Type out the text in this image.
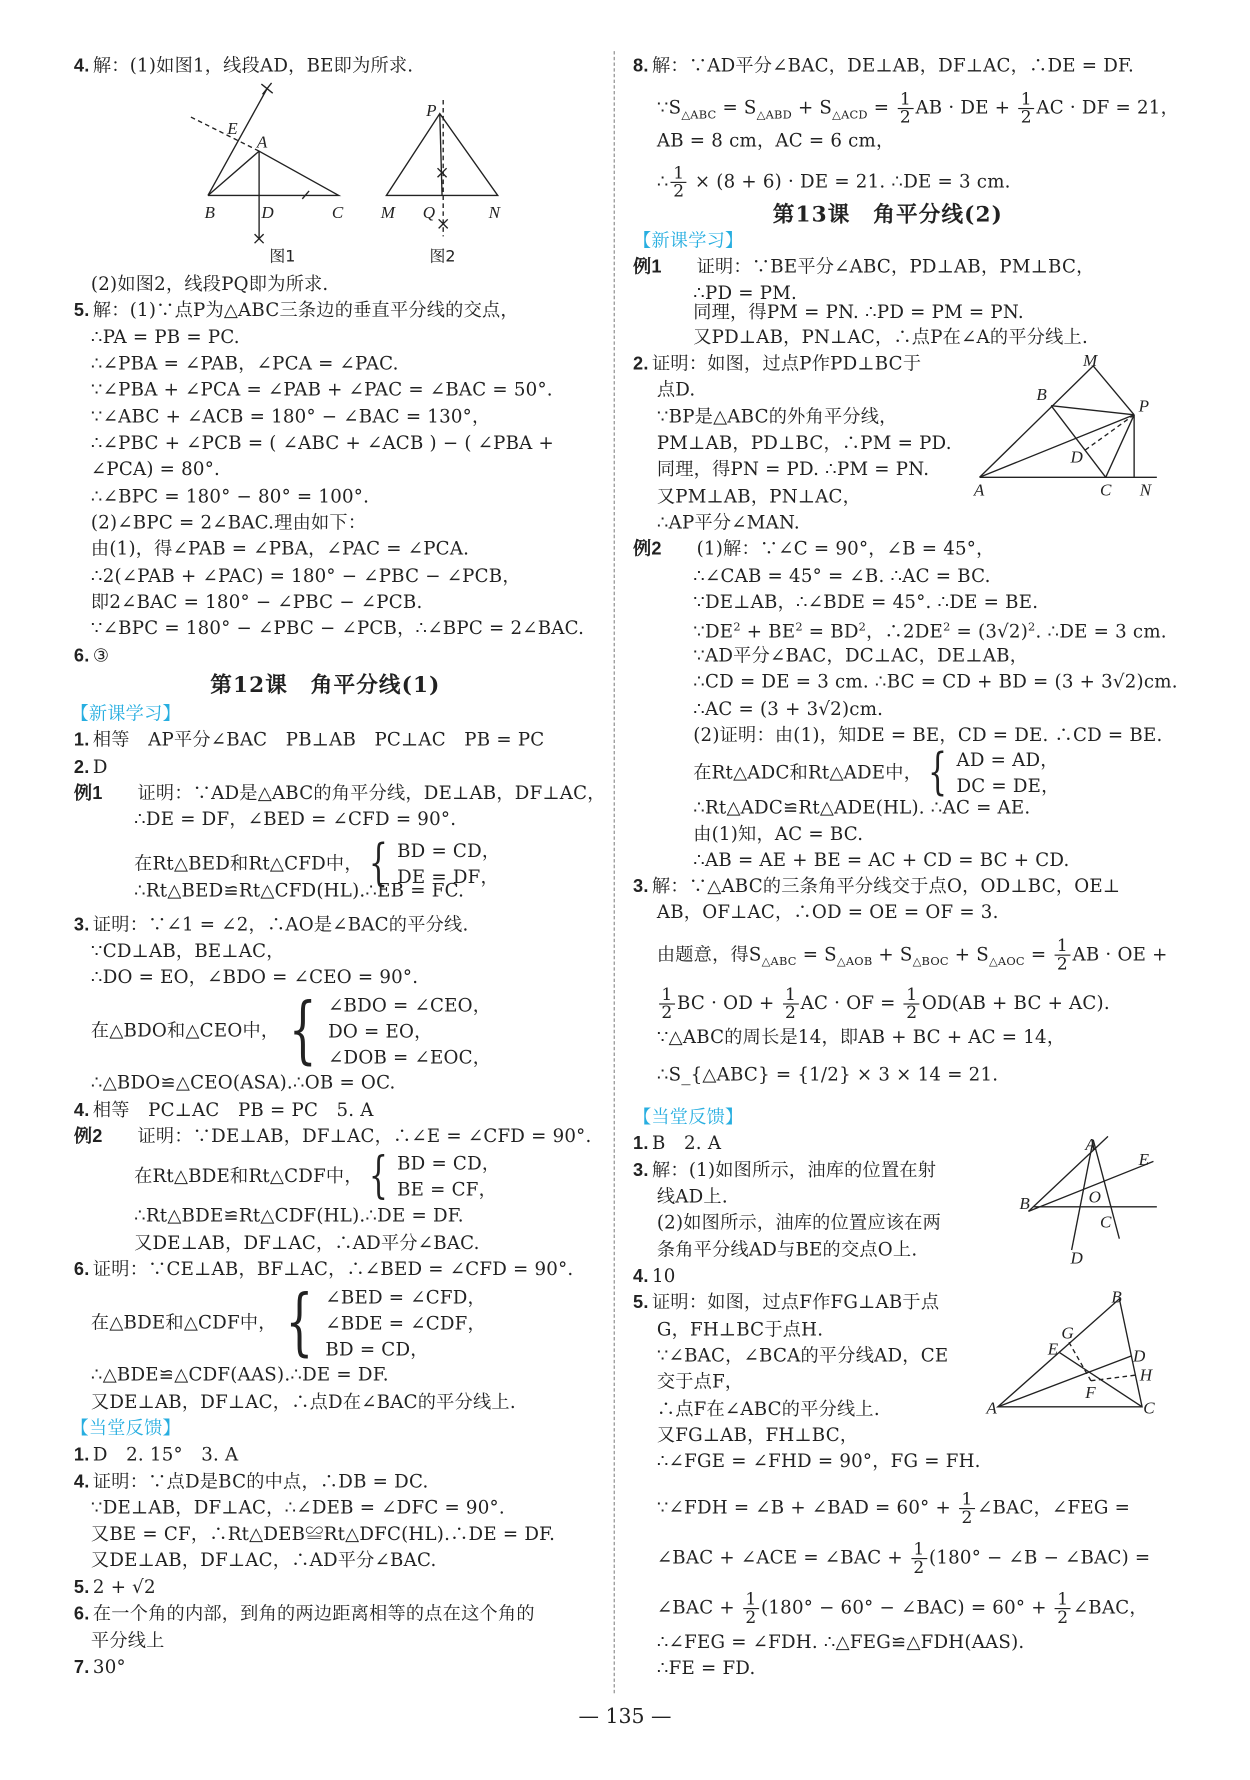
4. 解：(1)如图1，线段AD，BE即为所求.
(2)如图2，线段PQ即为所求.
5. 解：(1)∵点P为△ABC三条边的垂直平分线的交点，
∴PA = PB = PC.
∴∠PBA = ∠PAB，∠PCA = ∠PAC.
∵∠PBA + ∠PCA = ∠PAB + ∠PAC = ∠BAC = 50°.
∵∠ABC + ∠ACB = 180° − ∠BAC = 130°，
∴∠PBC + ∠PCB = ( ∠ABC + ∠ACB ) − ( ∠PBA +
∠PCA) = 80°.
∴∠BPC = 180° − 80° = 100°.
(2)∠BPC = 2∠BAC.理由如下：
由(1)，得∠PAB = ∠PBA，∠PAC = ∠PCA.
∴2(∠PAB + ∠PAC) = 180° − ∠PBC − ∠PCB，
即2∠BAC = 180° − ∠PBC − ∠PCB.
∵∠BPC = 180° − ∠PBC − ∠PCB，∴∠BPC = 2∠BAC.
6. ③
第12课　角平分线(1)
【新课学习】
1. 相等　AP平分∠BAC　PB⊥AB　PC⊥AC　PB = PC
2. D
例1 证明：∵AD是△ABC的角平分线，DE⊥AB，DF⊥AC，
∴DE = DF，∠BED = ∠CFD = 90°.
在Rt△BED和Rt△CFD中， { BD = CD，
DE = DF，
∴Rt△BED≌Rt△CFD(HL).∴EB = FC.
3. 证明：∵∠1 = ∠2，∴AO是∠BAC的平分线.
∵CD⊥AB，BE⊥AC，
∴DO = EO，∠BDO = ∠CEO = 90°.
在△BDO和△CEO中， { ∠BDO = ∠CEO，
DO = EO，
∠DOB = ∠EOC，
∴△BDO≌△CEO(ASA).∴OB = OC.
4. 相等　PC⊥AC　PB = PC　5. A
例2 证明：∵DE⊥AB，DF⊥AC，∴∠E = ∠CFD = 90°.
在Rt△BDE和Rt△CDF中， { BD = CD，
BE = CF，
∴Rt△BDE≌Rt△CDF(HL).∴DE = DF.
又DE⊥AB，DF⊥AC，∴AD平分∠BAC.
6. 证明：∵CE⊥AB，BF⊥AC，∴∠BED = ∠CFD = 90°.
在△BDE和△CDF中， { ∠BED = ∠CFD，
∠BDE = ∠CDF，
BD = CD，
∴△BDE≌△CDF(AAS).∴DE = DF.
又DE⊥AB，DF⊥AC，∴点D在∠BAC的平分线上.
【当堂反馈】
1. D　2. 15°　3. A
4. 证明：∵点D是BC的中点，∴DB = DC.
∵DE⊥AB，DF⊥AC，∴∠DEB = ∠DFC = 90°.
又BE = CF，∴Rt△DEB≌Rt△DFC(HL).∴DE = DF.
又DE⊥AB，DF⊥AC，∴AD平分∠BAC.
5. 2 + √2
6. 在一个角的内部，到角的两边距离相等的点在这个角的
平分线上
7. 30°
8. 解：∵AD平分∠BAC，DE⊥AB，DF⊥AC，∴DE = DF.
$\because S_{\triangle ABC} = S_{\triangle ABD} + S_{\triangle ACD} = \frac{1}{2}$ AB · DE + $\frac{1}{2}$ AC · DF = 21，
AB = 8 cm，AC = 6 cm，
∴ $\frac{1}{2} \times (8 + 6)$ · DE = 21. ∴DE = 3 cm.
第13课　角平分线(2)
【新课学习】
例1 证明：∵BE平分∠ABC，PD⊥AB，PM⊥BC，
∴PD = PM.
同理，得PM = PN. ∴PD = PM = PN.
又PD⊥AB，PN⊥AC，∴点P在∠A的平分线上.
2. 证明：如图，过点P作PD⊥BC于
点D.
∵BP是△ABC的外角平分线，
PM⊥AB，PD⊥BC，∴PM = PD.
同理，得PN = PD. ∴PM = PN.
又PM⊥AB，PN⊥AC，
∴AP平分∠MAN.
例2 (1)解：∵∠C = 90°，∠B = 45°，
∴∠CAB = 45° = ∠B. ∴AC = BC.
∵DE⊥AB，∴∠BDE = 45°. ∴DE = BE.
$\because DE^2 + BE^2 = BD^2$，$\therefore 2DE^2 = (3√2)^2$. ∴DE = 3 cm.
∵AD平分∠BAC，DC⊥AC，DE⊥AB，
∴CD = DE = 3 cm. ∴BC = CD + BD = (3 + 3√2)cm.
∴AC = (3 + 3√2)cm.
(2)证明：由(1)，知DE = BE，CD = DE. ∴CD = BE.
在Rt△ADC和Rt△ADE中， { AD = AD，
DC = DE，
∴Rt△ADC≌Rt△ADE(HL). ∴AC = AE.
由(1)知，AC = BC.
∴AB = AE + BE = AC + CD = BC + CD.
3. 解：∵△ABC的三条角平分线交于点O，OD⊥BC，OE⊥
AB，OF⊥AC，∴OD = OE = OF = 3.
由题意，得$S_{\triangle ABC} = S_{\triangle AOB} + S_{\triangle BOC} + S_{\triangle AOC} = \frac{1}{2}$ AB · OE +
$\frac{1}{2}$ BC · OD + $\frac{1}{2}$ AC · OF = $\frac{1}{2} OD(AB$ + BC + AC).
∵△ABC的周长是14，即AB + BC + AC = 14，
∴S_{△ABC} = {1/2} × 3 × 14 = 21.
【当堂反馈】
1. B　2. A
3. 解：(1)如图所示，油库的位置在射
线AD上.
(2)如图所示，油库的位置应该在两
条角平分线AD与BE的交点O上.
4. 10
5. 证明：如图，过点F作FG⊥AB于点
G，FH⊥BC于点H.
∵∠BAC，∠BCA的平分线AD，CE
交于点F，
∴点F在∠ABC的平分线上.
又FG⊥AB，FH⊥BC，
∴∠FGE = ∠FHD = 90°，FG = FH.
∵∠FDH = ∠B + ∠BAD = $60^\circ + \frac{1}{2}$ ∠BAC，∠FEG =
∠BAC + ∠ACE = ∠BAC + $\frac{1}{2} (180^\circ$ − ∠B − ∠BAC) =
∠BAC + $\frac{1}{2} (180^\circ - 60^\circ$ − ∠BAC) = $60^\circ + \frac{1}{2}$ ∠BAC，
∴∠FEG = ∠FDH. ∴△FEG≌△FDH(AAS).
∴FE = FD.
E
A
B	D	C
图1
P
M Q	N
图2
M
B
P
D
A	C N
A
E
B	O
C
D
B
G
E	D
H
F
A	C
— 135 —
